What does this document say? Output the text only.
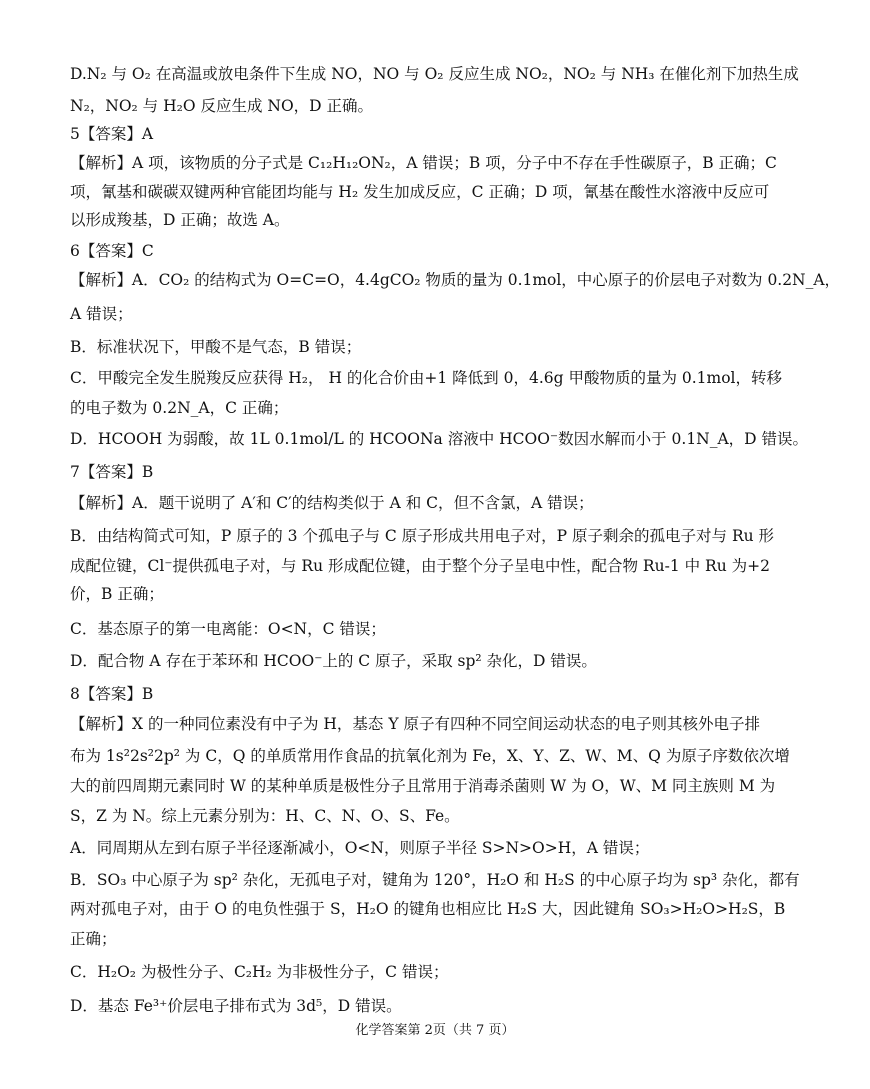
D.N₂ 与 O₂ 在高温或放电条件下生成 NO，NO 与 O₂ 反应生成 NO₂，NO₂ 与 NH₃ 在催化剂下加热生成
N₂，NO₂ 与 H₂O 反应生成 NO，D 正确。
5【答案】A
【解析】A 项，该物质的分子式是 C₁₂H₁₂ON₂，A 错误；B 项，分子中不存在手性碳原子，B 正确；C
项，氰基和碳碳双键两种官能团均能与 H₂ 发生加成反应，C 正确；D 项，氰基在酸性水溶液中反应可
以形成羧基，D 正确；故选 A。
6【答案】C
【解析】A．CO₂ 的结构式为 O=C=O，4.4gCO₂ 物质的量为 0.1mol，中心原子的价层电子对数为 0.2N_A，
A 错误；
B．标准状况下，甲酸不是气态，B 错误；
C．甲酸完全发生脱羧反应获得 H₂， H 的化合价由+1 降低到 0，4.6g 甲酸物质的量为 0.1mol，转移
的电子数为 0.2N_A，C 正确；
D．HCOOH 为弱酸，故 1L 0.1mol/L 的 HCOONa 溶液中 HCOO⁻数因水解而小于 0.1N_A，D 错误。
7【答案】B
【解析】A．题干说明了 A′和 C′的结构类似于 A 和 C，但不含氯，A 错误；
B．由结构简式可知，P 原子的 3 个孤电子与 C 原子形成共用电子对，P 原子剩余的孤电子对与 Ru 形
成配位键，Cl⁻提供孤电子对，与 Ru 形成配位键，由于整个分子呈电中性，配合物 Ru-1 中 Ru 为+2
价，B 正确；
C．基态原子的第一电离能：O<N，C 错误；
D．配合物 A 存在于苯环和 HCOO⁻上的 C 原子，采取 sp² 杂化，D 错误。
8【答案】B
【解析】X 的一种同位素没有中子为 H，基态 Y 原子有四种不同空间运动状态的电子则其核外电子排
布为 1s²2s²2p² 为 C，Q 的单质常用作食品的抗氧化剂为 Fe，X、Y、Z、W、M、Q 为原子序数依次增
大的前四周期元素同时 W 的某种单质是极性分子且常用于消毒杀菌则 W 为 O，W、M 同主族则 M 为
S，Z 为 N。综上元素分别为：H、C、N、O、S、Fe。
A．同周期从左到右原子半径逐渐减小，O<N，则原子半径 S>N>O>H，A 错误；
B．SO₃ 中心原子为 sp² 杂化，无孤电子对，键角为 120°，H₂O 和 H₂S 的中心原子均为 sp³ 杂化，都有
两对孤电子对，由于 O 的电负性强于 S，H₂O 的键角也相应比 H₂S 大，因此键角 SO₃>H₂O>H₂S，B
正确；
C．H₂O₂ 为极性分子、C₂H₂ 为非极性分子，C 错误；
D．基态 Fe³⁺价层电子排布式为 3d⁵，D 错误。
化学答案第 2页（共 7 页）
